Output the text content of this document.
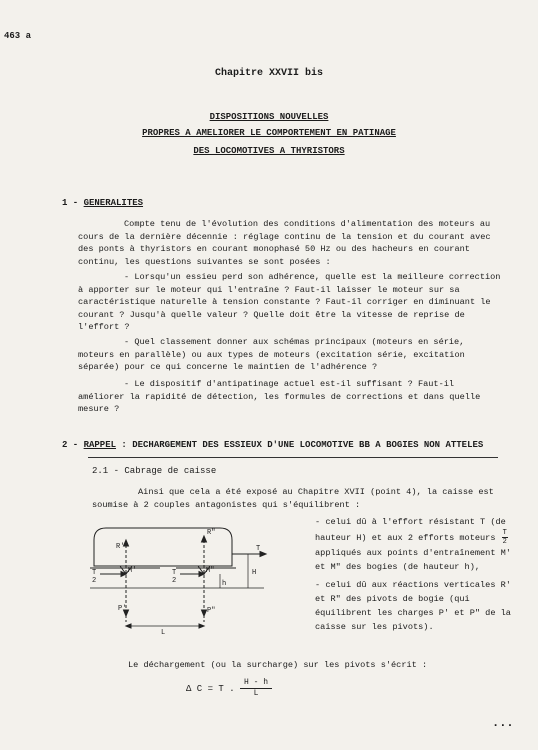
463 a
Chapitre XXVII bis
DISPOSITIONS NOUVELLES
PROPRES A AMELIORER LE COMPORTEMENT EN PATINAGE
DES LOCOMOTIVES A THYRISTORS
1 - GENERALITES
Compte tenu de l'évolution des conditions d'alimentation des moteurs au cours de la dernière décennie : réglage continu de la tension et du courant avec des ponts à thyristors en courant monophasé 50 Hz ou des hacheurs en courant continu, les questions suivantes se sont posées :
- Lorsqu'un essieu perd son adhérence, quelle est la meilleure correction à apporter sur le moteur qui l'entraîne ? Faut-il laisser le moteur sur sa caractéristique naturelle à tension constante ? Faut-il corriger en diminuant le courant ? Jusqu'à quelle valeur ? Quelle doit être la vitesse de reprise de l'effort ?
- Quel classement donner aux schémas principaux (moteurs en série, moteurs en parallèle) ou aux types de moteurs (excitation série, excitation séparée) pour ce qui concerne le maintien de l'adhérence ?
- Le dispositif d'antipatinage actuel est-il suffisant ? Faut-il améliorer la rapidité de détection, les formules de corrections et dans quelle mesure ?
2 - RAPPEL : DECHARGEMENT DES ESSIEUX D'UNE LOCOMOTIVE BB A BOGIES NON ATTELES
2.1 - Cabrage de caisse
Ainsi que cela a été exposé au Chapitre XVII (point 4), la caisse est soumise à 2 couples antagonistes qui s'équilibrent :
R'
R"
T
M'	M"
P'	P"
H
h
L
T
2
T
2

- celui dû à l'effort résistant T (de hauteur H) et aux 2 efforts moteurs $\frac{T}{2}$
appliqués aux points d'entraînement M' et M" des bogies (de hauteur h),

- celui dû aux réactions verticales R' et R" des pivots de bogie (qui équilibrent les charges P' et P" de la caisse sur les pivots).

Le déchargement (ou la surcharge) sur les pivots s'écrit :
Δ C = T . $\frac{H - h}{L}$
...
